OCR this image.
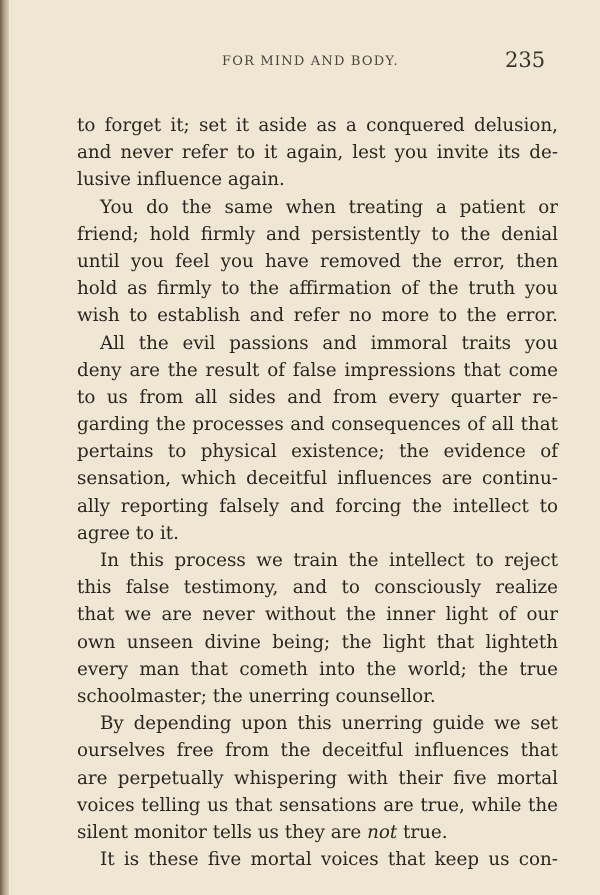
FOR MIND AND BODY.	235
to forget it; set it aside as a conquered delusion,
and never refer to it again, lest you invite its de-
lusive influence again.
You do the same when treating a patient or
friend; hold firmly and persistently to the denial
until you feel you have removed the error, then
hold as firmly to the affirmation of the truth you
wish to establish and refer no more to the error.
All the evil passions and immoral traits you
deny are the result of false impressions that come
to us from all sides and from every quarter re-
garding the processes and consequences of all that
pertains to physical existence; the evidence of
sensation, which deceitful influences are continu-
ally reporting falsely and forcing the intellect to
agree to it.
In this process we train the intellect to reject
this false testimony, and to consciously realize
that we are never without the inner light of our
own unseen divine being; the light that lighteth
every man that cometh into the world; the true
schoolmaster; the unerring counsellor.
By depending upon this unerring guide we set
ourselves free from the deceitful influences that
are perpetually whispering with their five mortal
voices telling us that sensations are true, while the
silent monitor tells us they are not true.
It is these five mortal voices that keep us con-
